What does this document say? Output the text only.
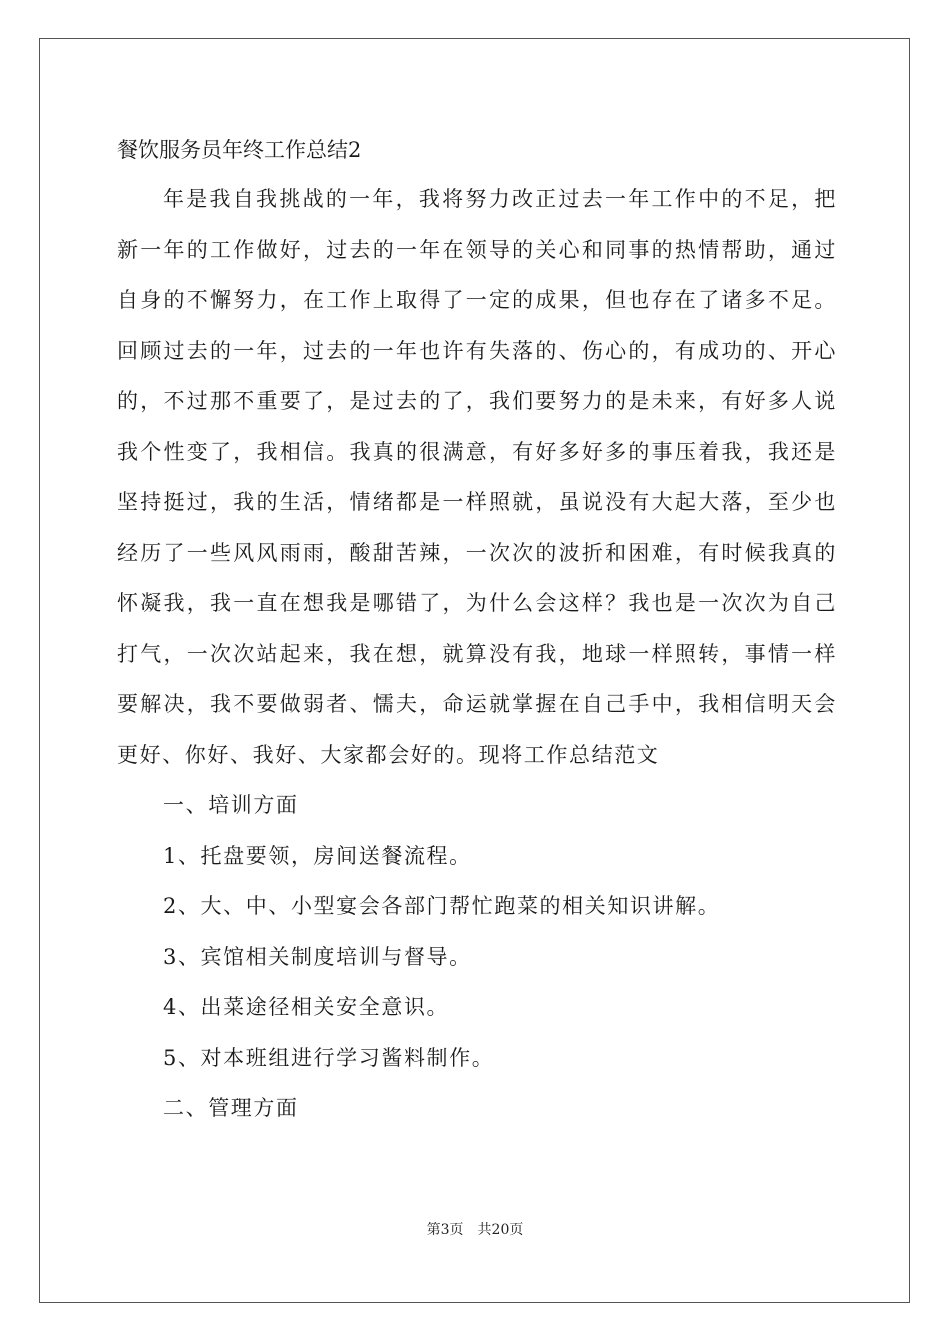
餐饮服务员年终工作总结2

年是我自我挑战的一年，我将努力改正过去一年工作中的不足，把新一年的工作做好，过去的一年在领导的关心和同事的热情帮助，通过自身的不懈努力，在工作上取得了一定的成果，但也存在了诸多不足。回顾过去的一年，过去的一年也许有失落的、伤心的，有成功的、开心的，不过那不重要了，是过去的了，我们要努力的是未来，有好多人说我个性变了，我相信。我真的很满意，有好多好多的事压着我，我还是坚持挺过，我的生活，情绪都是一样照就，虽说没有大起大落，至少也经历了一些风风雨雨，酸甜苦辣，一次次的波折和困难，有时候我真的怀凝我，我一直在想我是哪错了，为什么会这样？我也是一次次为自己打气，一次次站起来，我在想，就算没有我，地球一样照转，事情一样要解决，我不要做弱者、懦夫，命运就掌握在自己手中，我相信明天会更好、你好、我好、大家都会好的。现将工作总结范文

一、培训方面

1、托盘要领，房间送餐流程。

2、大、中、小型宴会各部门帮忙跑菜的相关知识讲解。

3、宾馆相关制度培训与督导。

4、出菜途径相关安全意识。

5、对本班组进行学习酱料制作。

二、管理方面

第3页 共20页
